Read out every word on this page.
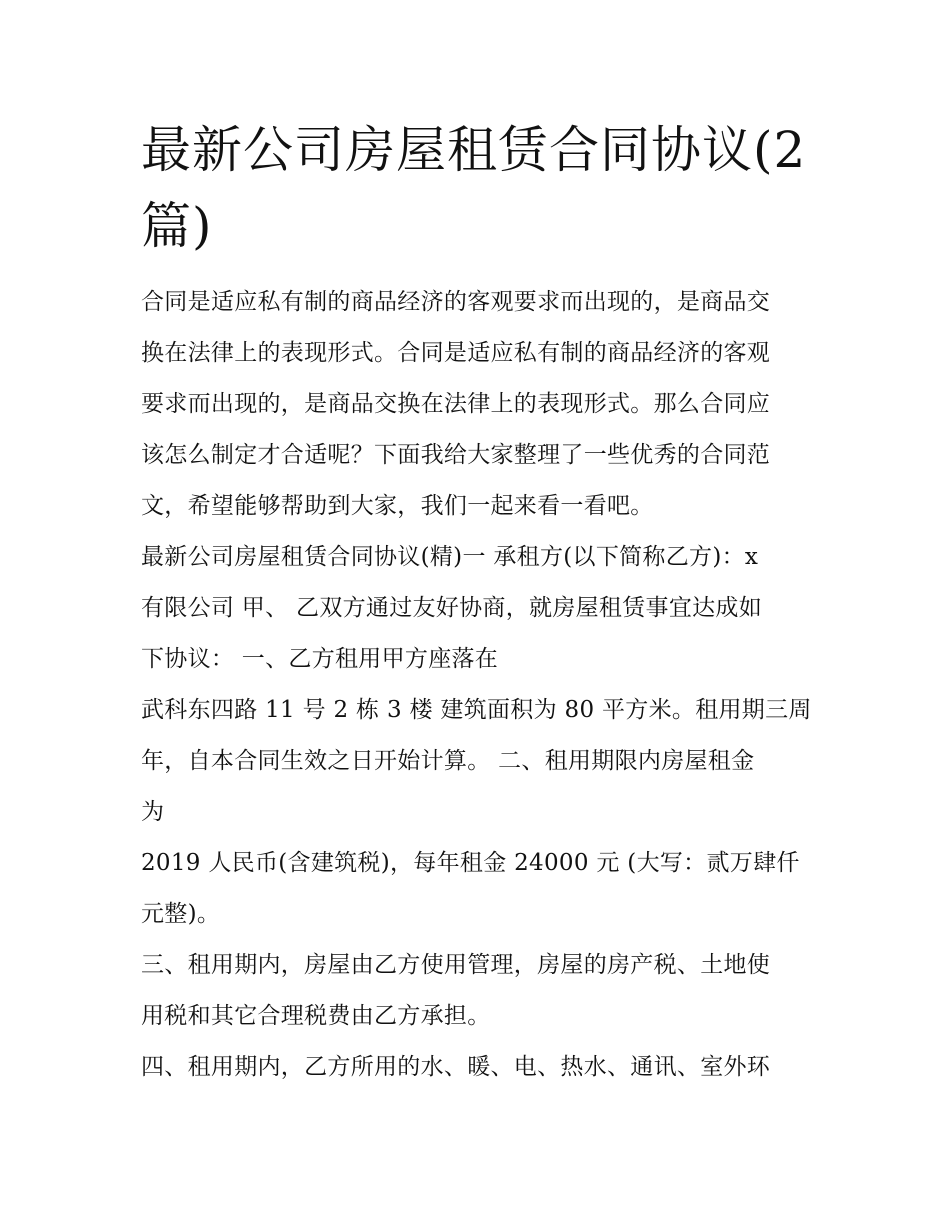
最新公司房屋租赁合同协议(2
篇)
合同是适应私有制的商品经济的客观要求而出现的，是商品交
换在法律上的表现形式。合同是适应私有制的商品经济的客观
要求而出现的，是商品交换在法律上的表现形式。那么合同应
该怎么制定才合适呢？下面我给大家整理了一些优秀的合同范
文，希望能够帮助到大家，我们一起来看一看吧。
最新公司房屋租赁合同协议(精)一 承租方(以下简称乙方)：x
有限公司 甲、 乙双方通过友好协商，就房屋租赁事宜达成如
下协议： 一、乙方租用甲方座落在
武科东四路 11 号 2 栋 3 楼 建筑面积为 80 平方米。租用期三周
年，自本合同生效之日开始计算。 二、租用期限内房屋租金
为
2019 人民币(含建筑税)，每年租金 24000 元 (大写：贰万肆仟
元整)。
三、租用期内，房屋由乙方使用管理，房屋的房产税、土地使
用税和其它合理税费由乙方承担。
四、租用期内，乙方所用的水、暖、电、热水、通讯、室外环
